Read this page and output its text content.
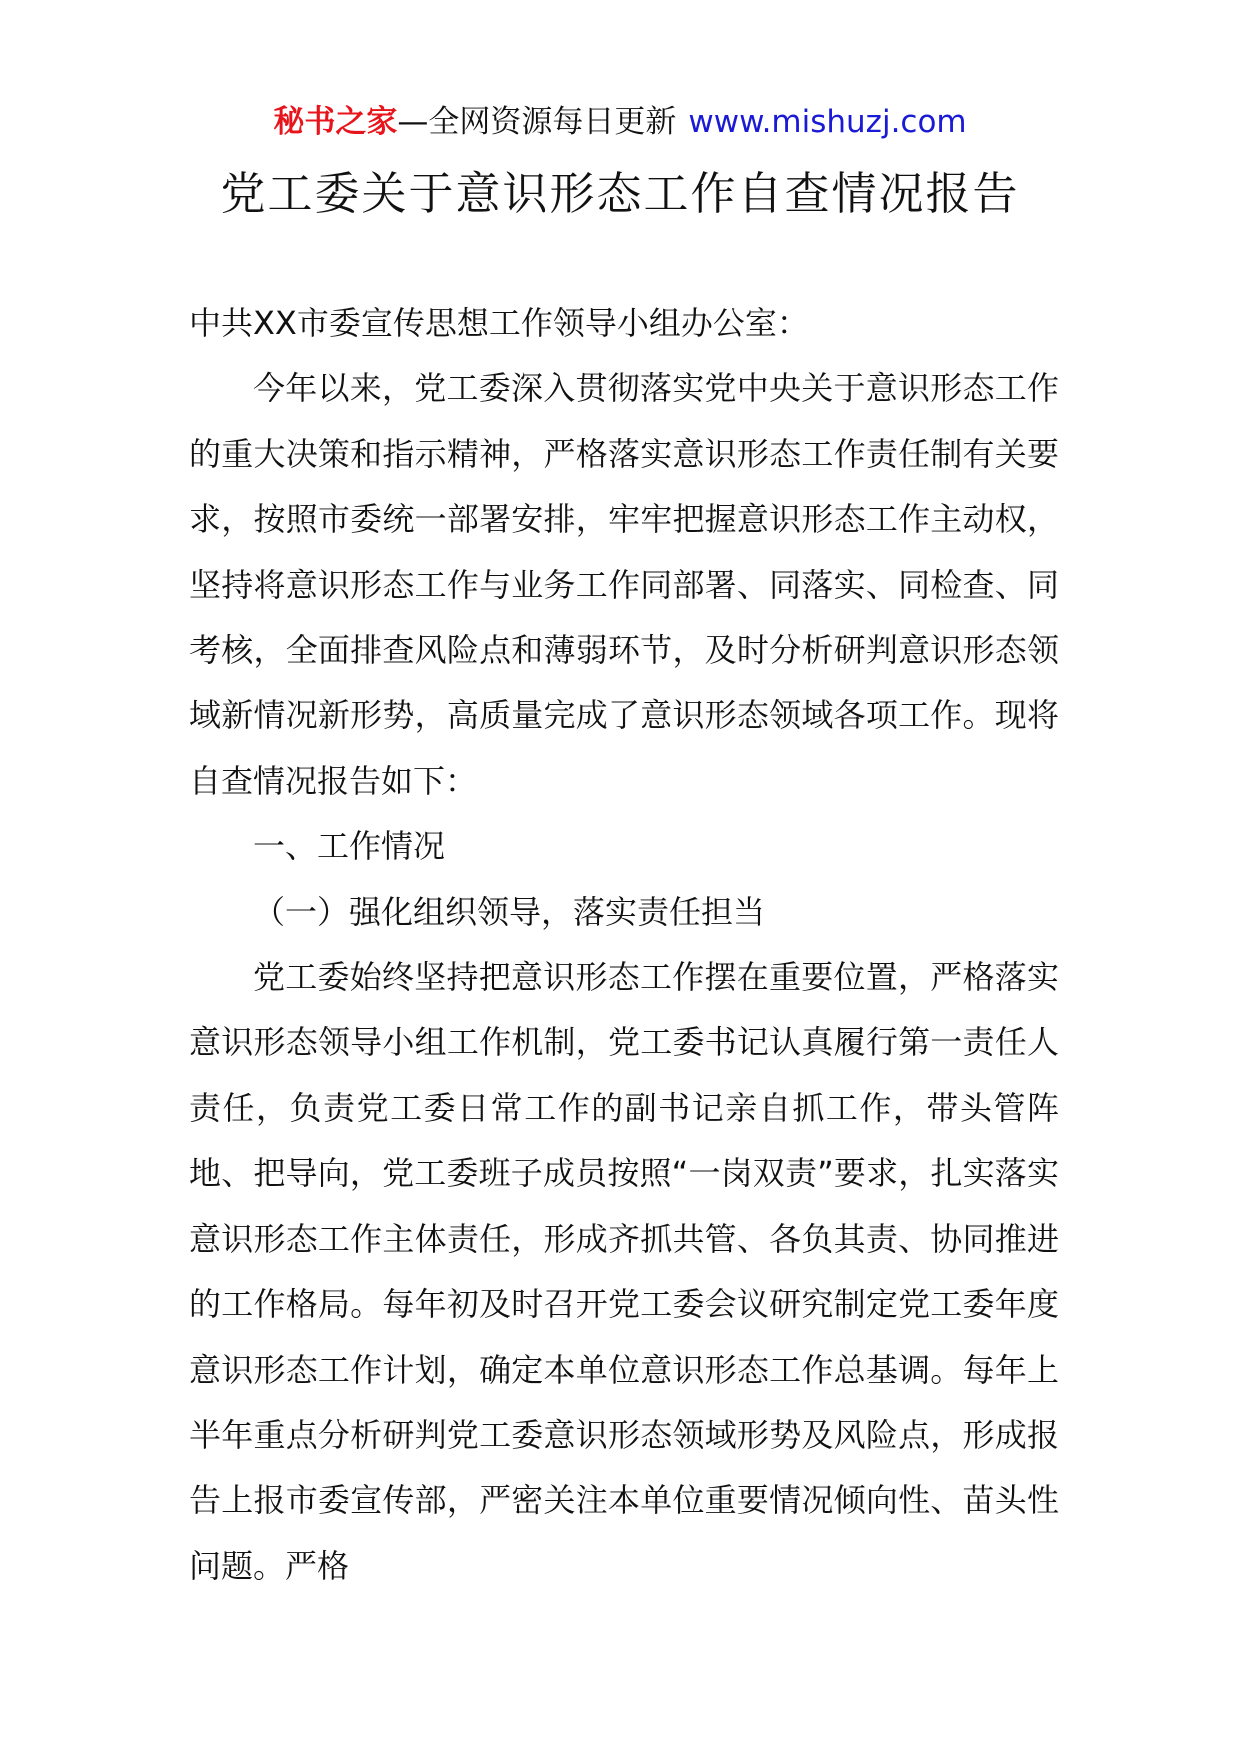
秘书之家—全网资源每日更新 www.mishuzj.com
党工委关于意识形态工作自查情况报告

中共XX市委宣传思想工作领导小组办公室：

今年以来，党工委深入贯彻落实党中央关于意识形态工作的重大决策和指示精神，严格落实意识形态工作责任制有关要求，按照市委统一部署安排，牢牢把握意识形态工作主动权，坚持将意识形态工作与业务工作同部署、同落实、同检查、同考核，全面排查风险点和薄弱环节，及时分析研判意识形态领域新情况新形势，高质量完成了意识形态领域各项工作。现将自查情况报告如下：

一、工作情况

（一）强化组织领导，落实责任担当

党工委始终坚持把意识形态工作摆在重要位置，严格落实意识形态领导小组工作机制，党工委书记认真履行第一责任人责任，负责党工委日常工作的副书记亲自抓工作，带头管阵地、把导向，党工委班子成员按照“一岗双责”要求，扎实落实意识形态工作主体责任，形成齐抓共管、各负其责、协同推进的工作格局。每年初及时召开党工委会议研究制定党工委年度意识形态工作计划，确定本单位意识形态工作总基调。每年上半年重点分析研判党工委意识形态领域形势及风险点，形成报告上报市委宣传部，严密关注本单位重要情况倾向性、苗头性问题。严格
